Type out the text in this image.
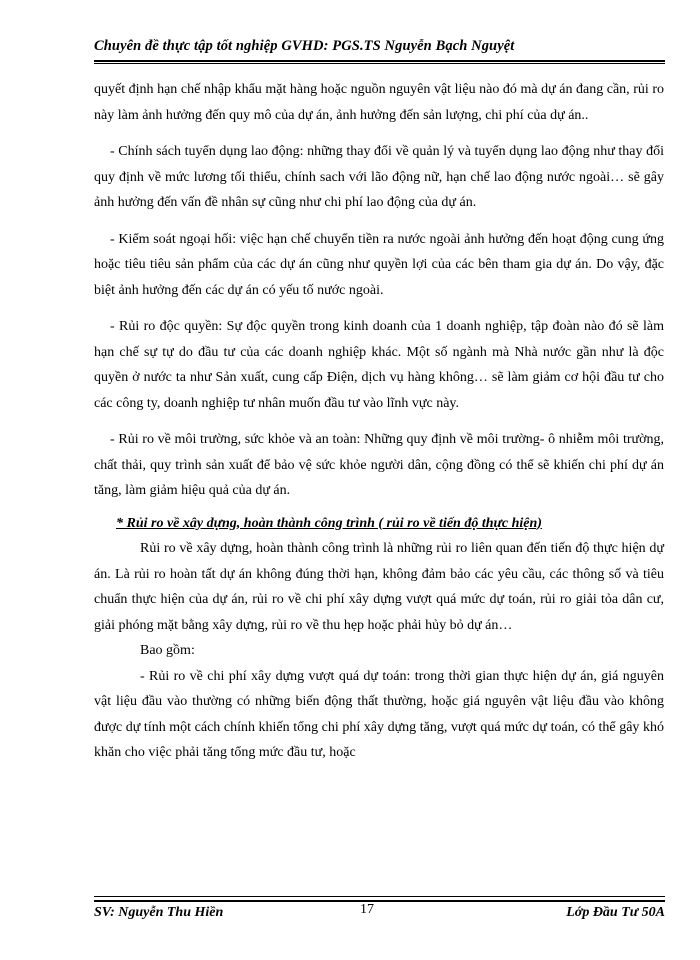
Chuyên đề thực tập tốt nghiệp GVHD: PGS.TS Nguyễn Bạch Nguyệt

quyết định hạn chế nhập khẩu mặt hàng hoặc nguồn nguyên vật liệu nào đó mà dự án đang cần, rủi ro này làm ảnh hưởng đến quy mô của dự án, ảnh hưởng đến sản lượng, chi phí của dự án..

- Chính sách tuyển dụng lao động: những thay đổi về quản lý và tuyển dụng lao động như thay đổi quy định về mức lương tối thiểu, chính sach với lão động nữ, hạn chế lao động nước ngoài… sẽ gây ảnh hưởng đến vấn đề nhân sự cũng như chi phí lao động của dự án.

- Kiểm soát ngoại hối: việc hạn chế chuyển tiền ra nước ngoài ảnh hưởng đến hoạt động cung ứng hoặc tiêu tiêu sản phẩm của các dự án cũng như quyền lợi của các bên tham gia dự án. Do vậy, đặc biệt ảnh hưởng đến các dự án có yếu tố nước ngoài.

- Rủi ro độc quyền: Sự độc quyền trong kinh doanh của 1 doanh nghiệp, tập đoàn nào đó sẽ làm hạn chế sự tự do đầu tư của các doanh nghiệp khác. Một số ngành mà Nhà nước gần như là độc quyền ở nước ta như Sản xuất, cung cấp Điện, dịch vụ hàng không… sẽ làm giảm cơ hội đầu tư cho các công ty, doanh nghiệp tư nhân muốn đầu tư vào lĩnh vực này.

- Rủi ro về môi trường, sức khỏe và an toàn: Những quy định về môi trường- ô nhiễm môi trường, chất thải, quy trình sản xuất để bảo vệ sức khỏe người dân, cộng đồng có thể sẽ khiến chi phí dự án tăng, làm giảm hiệu quả của dự án.

* Rủi ro về xây dựng, hoàn thành công trình ( rủi ro về tiến độ thực hiện)

Rủi ro về xây dựng, hoàn thành công trình là những rủi ro liên quan đến tiến độ thực hiện dự án. Là rủi ro hoàn tất dự án không đúng thời hạn, không đảm bảo các yêu cầu, các thông số và tiêu chuẩn thực hiện của dự án, rủi ro về chi phí xây dựng vượt quá mức dự toán, rủi ro giải tỏa dân cư, giải phóng mặt bằng xây dựng, rủi ro về thu hẹp hoặc phải hủy bỏ dự án…

Bao gồm:

- Rủi ro về chi phí xây dựng vượt quá dự toán: trong thời gian thực hiện dự án, giá nguyên vật liệu đầu vào thường có những biến động thất thường, hoặc giá nguyên vật liệu đầu vào không được dự tính một cách chính khiến tổng chi phí xây dựng tăng, vượt quá mức dự toán, có thể gây khó khăn cho việc phải tăng tổng mức đầu tư, hoặc

SV: Nguyễn Thu Hiền	17	Lớp Đầu Tư 50A
